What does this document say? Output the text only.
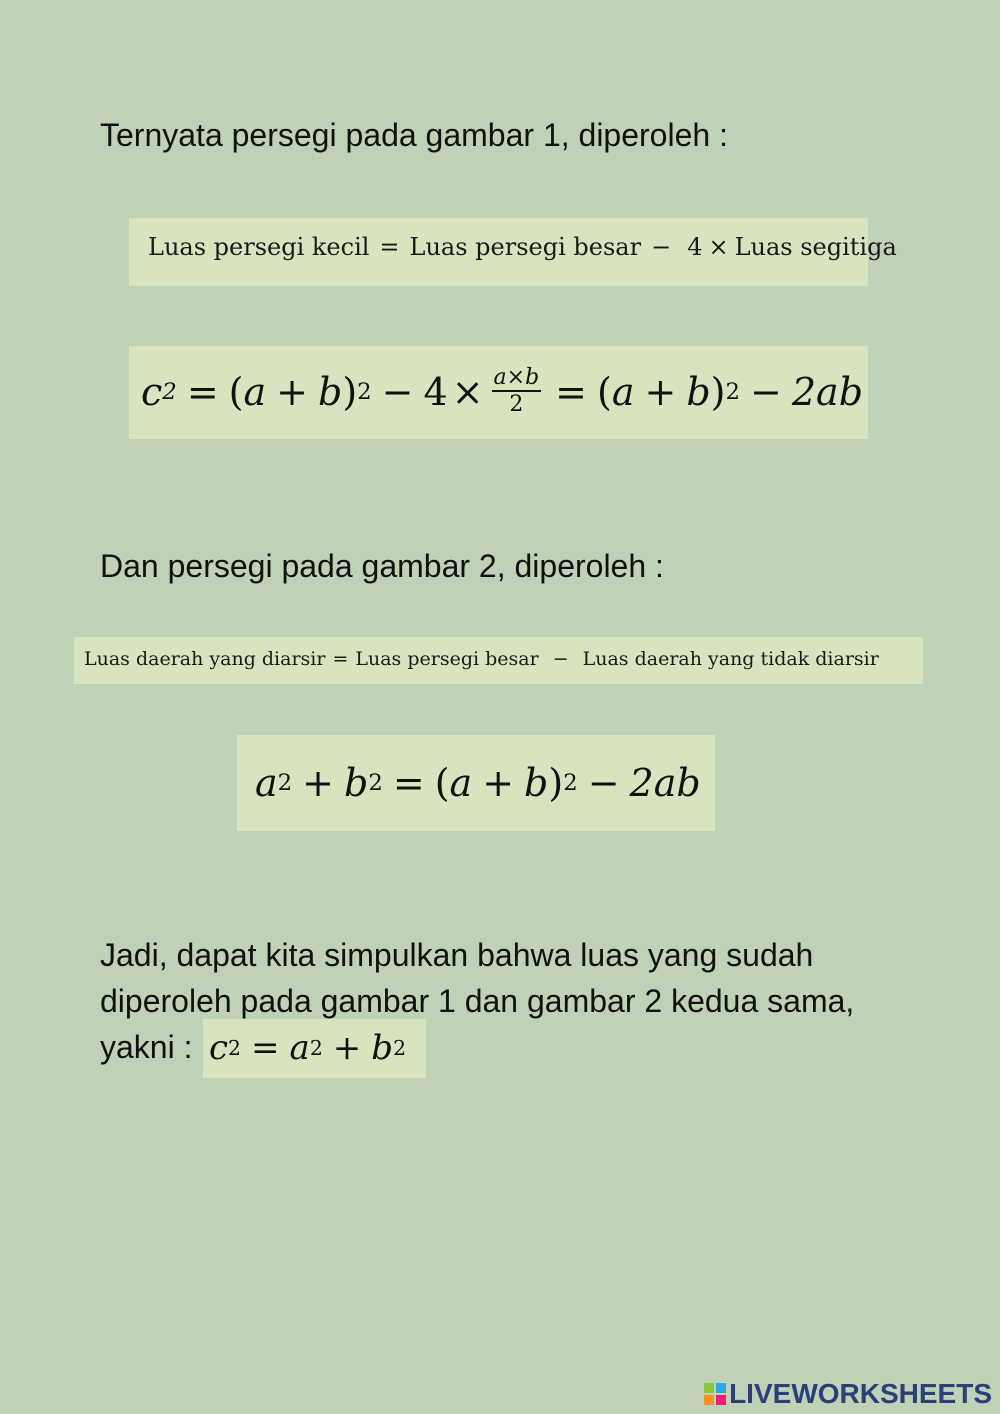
Ternyata persegi pada gambar 1, diperoleh :

Luas persegi kecil = Luas persegi besar − 4 × Luas segitiga
c 2 = ( a + b ) $2 - 4 \times \frac{a\times b}{2}$ = ( a + b ) 2 − 2ab

Dan persegi pada gambar 2, diperoleh :

Luas daerah yang diarsir = Luas persegi besar − Luas daerah yang tidak diarsir
a 2 + b 2 = ( a + b ) 2 − 2ab
c 2 = a 2 + b 2
Jadi, dapat kita simpulkan bahwa luas yang sudah
diperoleh pada gambar 1 dan gambar 2 kedua sama,
yakni :
LIVEWORKSHEETS
